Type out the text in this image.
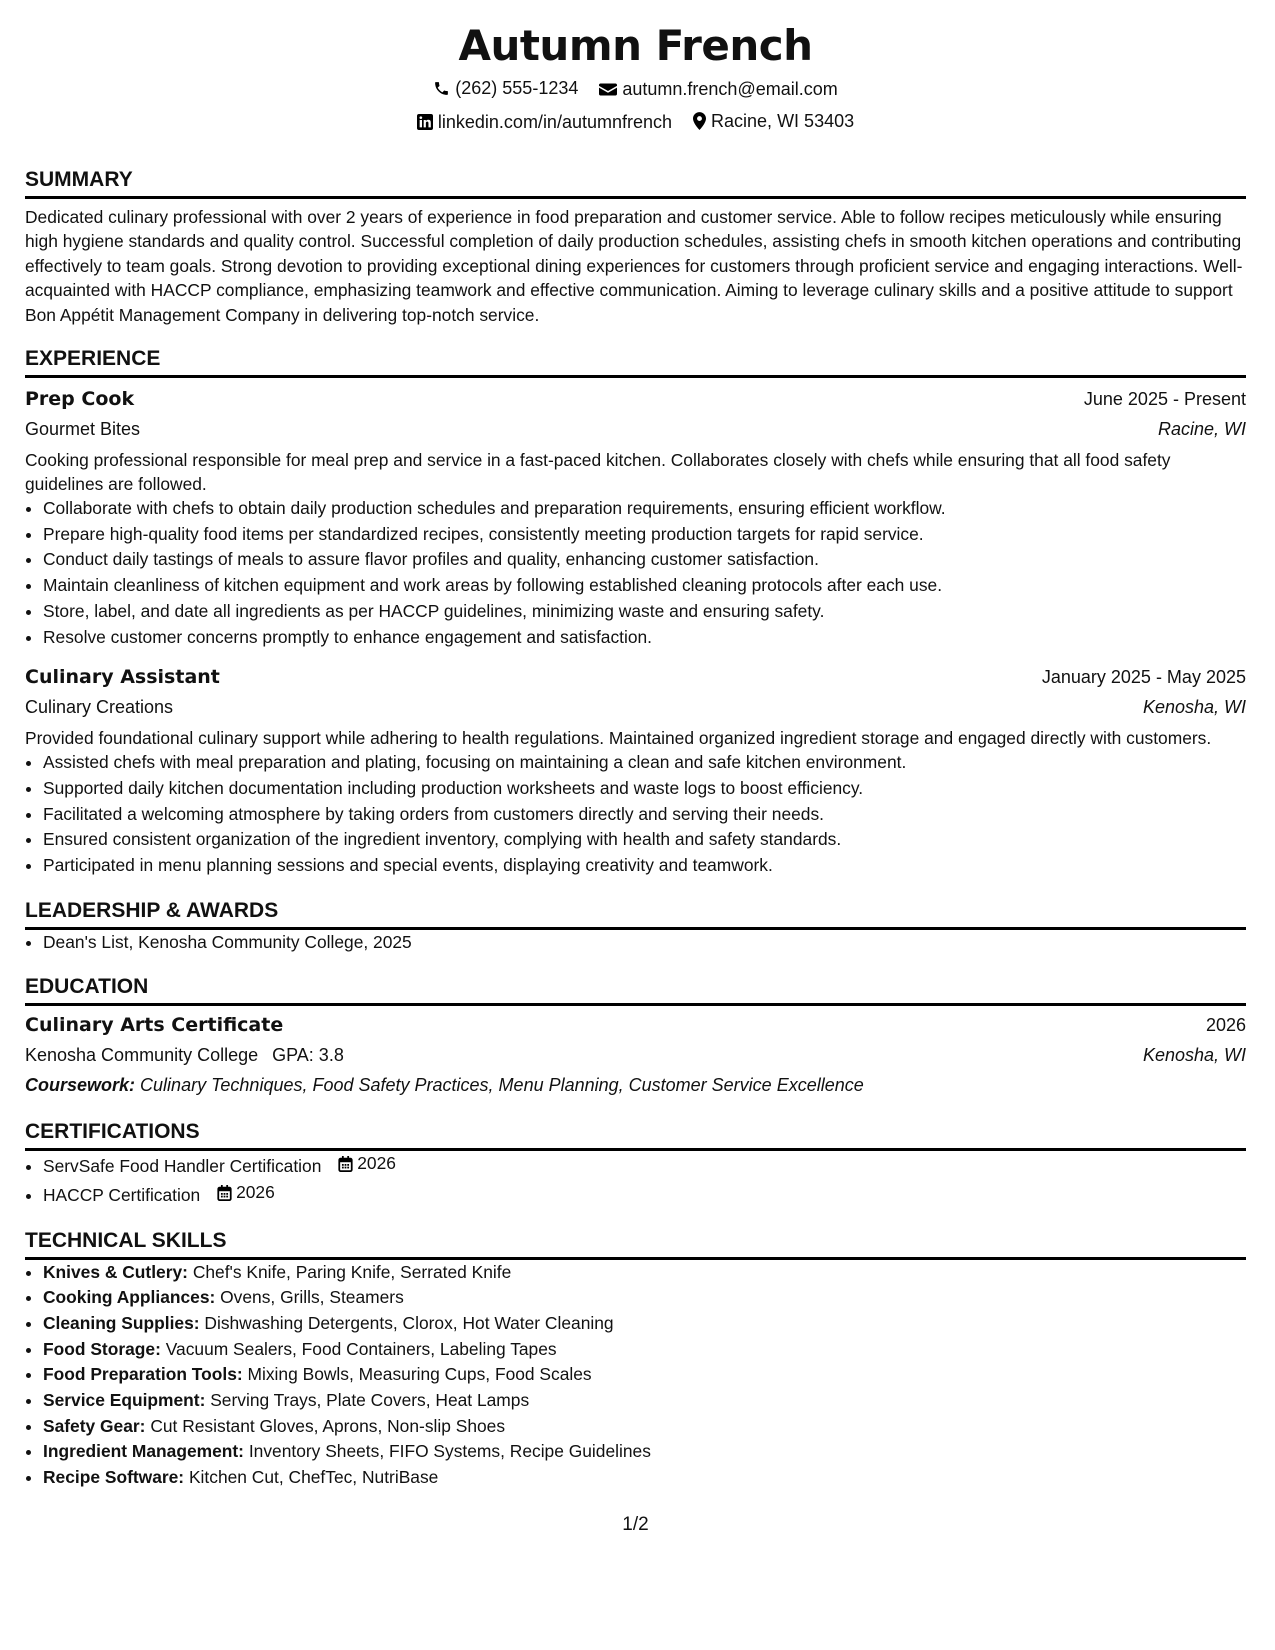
Autumn French
(262) 555-1234
autumn.french@email.com
linkedin.com/in/autumnfrench
Racine, WI 53403
SUMMARY

Dedicated culinary professional with over 2 years of experience in food preparation and customer service. Able to follow recipes meticulously while ensuring high hygiene standards and quality control. Successful completion of daily production schedules, assisting chefs in smooth kitchen operations and contributing effectively to team goals. Strong devotion to providing exceptional dining experiences for customers through proficient service and engaging interactions. Well-acquainted with HACCP compliance, emphasizing teamwork and effective communication. Aiming to leverage culinary skills and a positive attitude to support Bon Appétit Management Company in delivering top-notch service.

EXPERIENCE
Prep Cook	June 2025 - Present
Gourmet Bites	Racine, WI

Cooking professional responsible for meal prep and service in a fast-paced kitchen. Collaborates closely with chefs while ensuring that all food safety guidelines are followed.

• Collaborate with chefs to obtain daily production schedules and preparation requirements, ensuring efficient workflow.
• Prepare high-quality food items per standardized recipes, consistently meeting production targets for rapid service.
• Conduct daily tastings of meals to assure flavor profiles and quality, enhancing customer satisfaction.
• Maintain cleanliness of kitchen equipment and work areas by following established cleaning protocols after each use.
• Store, label, and date all ingredients as per HACCP guidelines, minimizing waste and ensuring safety.
• Resolve customer concerns promptly to enhance engagement and satisfaction.
Culinary Assistant	January 2025 - May 2025
Culinary Creations	Kenosha, WI

Provided foundational culinary support while adhering to health regulations. Maintained organized ingredient storage and engaged directly with customers.

• Assisted chefs with meal preparation and plating, focusing on maintaining a clean and safe kitchen environment.
• Supported daily kitchen documentation including production worksheets and waste logs to boost efficiency.
• Facilitated a welcoming atmosphere by taking orders from customers directly and serving their needs.
• Ensured consistent organization of the ingredient inventory, complying with health and safety standards.
• Participated in menu planning sessions and special events, displaying creativity and teamwork.
LEADERSHIP & AWARDS
• Dean's List, Kenosha Community College, 2025
EDUCATION
Culinary Arts Certificate	2026
Kenosha Community College GPA: 3.8	Kenosha, WI
Coursework: Culinary Techniques, Food Safety Practices, Menu Planning, Customer Service Excellence
CERTIFICATIONS
• ServSafe Food Handler Certification 2026
• HACCP Certification 2026
TECHNICAL SKILLS
• Knives & Cutlery: Chef's Knife, Paring Knife, Serrated Knife
• Cooking Appliances: Ovens, Grills, Steamers
• Cleaning Supplies: Dishwashing Detergents, Clorox, Hot Water Cleaning
• Food Storage: Vacuum Sealers, Food Containers, Labeling Tapes
• Food Preparation Tools: Mixing Bowls, Measuring Cups, Food Scales
• Service Equipment: Serving Trays, Plate Covers, Heat Lamps
• Safety Gear: Cut Resistant Gloves, Aprons, Non-slip Shoes
• Ingredient Management: Inventory Sheets, FIFO Systems, Recipe Guidelines
• Recipe Software: Kitchen Cut, ChefTec, NutriBase
1/2
